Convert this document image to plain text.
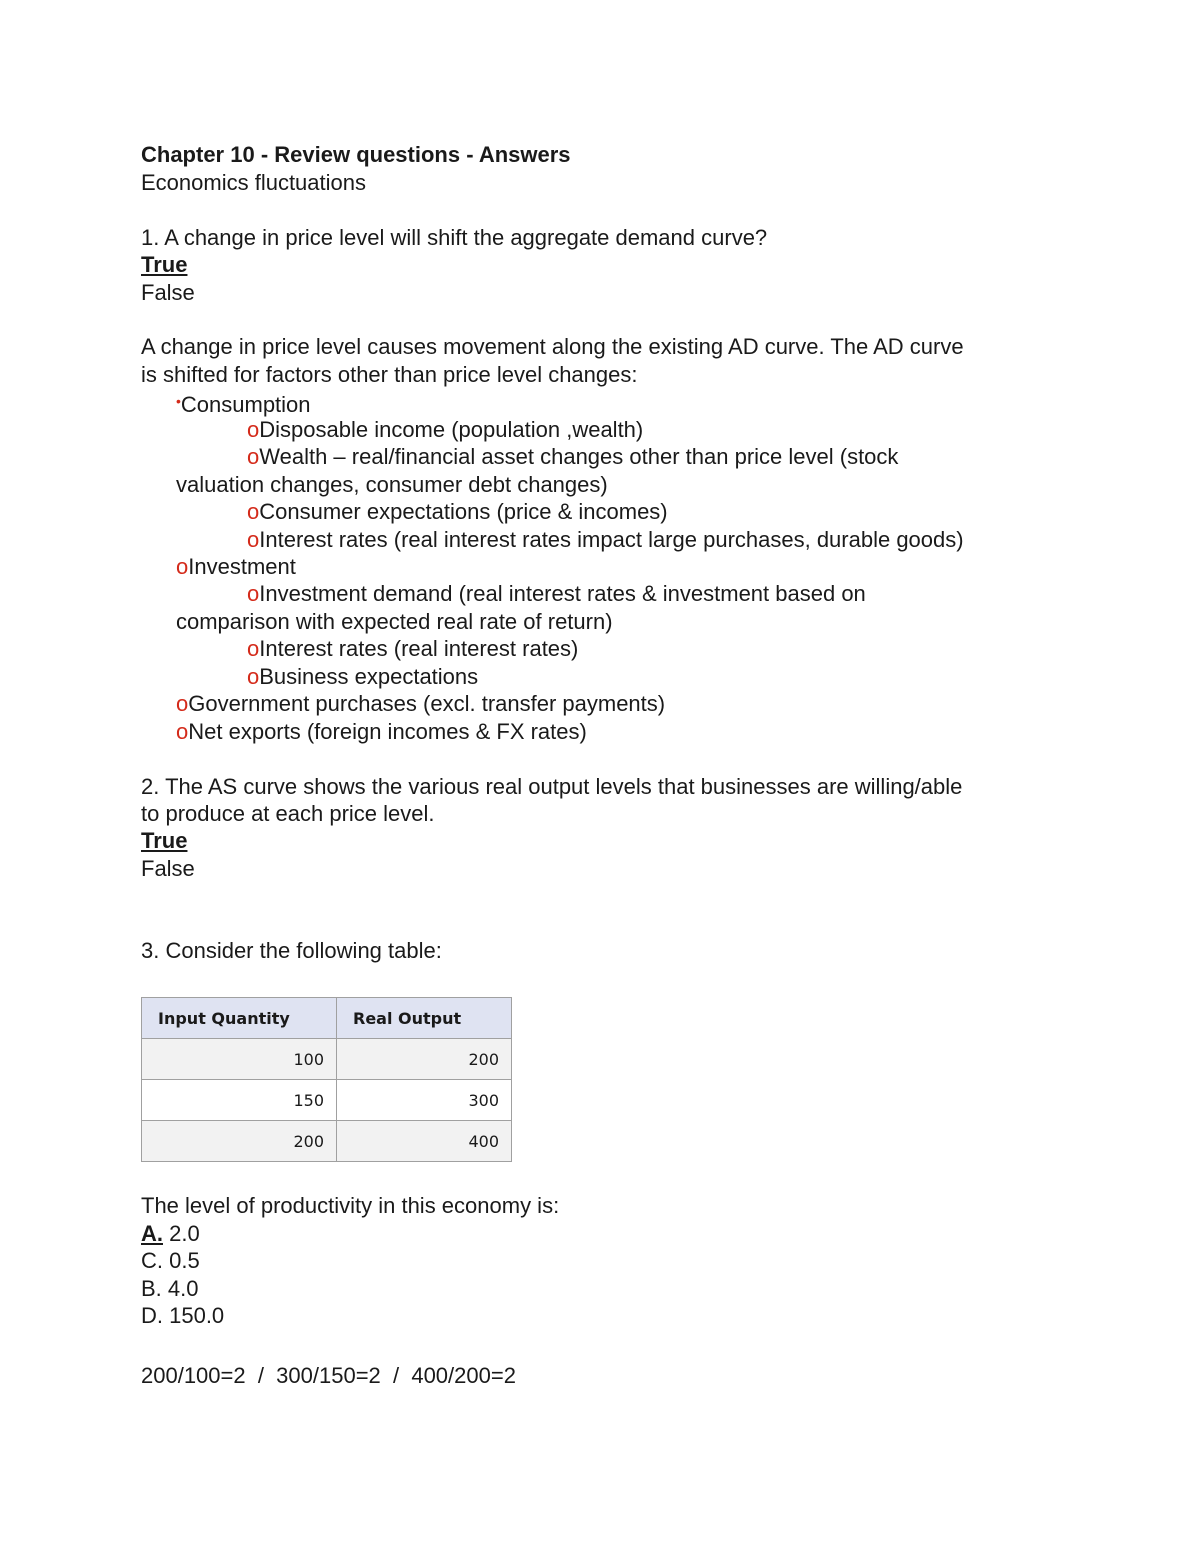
Chapter 10 - Review questions - Answers
Economics fluctuations
1. A change in price level will shift the aggregate demand curve?
True
False
A change in price level causes movement along the existing AD curve. The AD curve
is shifted for factors other than price level changes:
•Consumption
oDisposable income (population ,wealth)
oWealth – real/financial asset changes other than price level (stock
valuation changes, consumer debt changes)
oConsumer expectations (price & incomes)
oInterest rates (real interest rates impact large purchases, durable goods)
oInvestment
oInvestment demand (real interest rates & investment based on
comparison with expected real rate of return)
oInterest rates (real interest rates)
oBusiness expectations
oGovernment purchases (excl. transfer payments)
oNet exports (foreign incomes & FX rates)
2. The AS curve shows the various real output levels that businesses are willing/able
to produce at each price level.
True
False
3. Consider the following table:
Input Quantity	Real Output
100	200
150	300
200	400
The level of productivity in this economy is:
A. 2.0
C. 0.5
B. 4.0
D. 150.0
200/100=2  /  300/150=2  /  400/200=2
